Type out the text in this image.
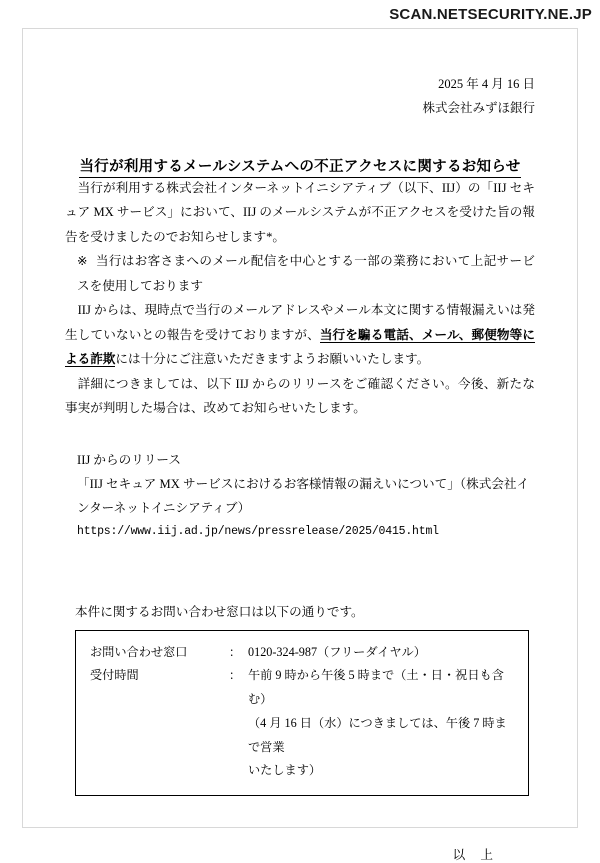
SCAN.NETSECURITY.NE.JP
2025 年 4 月 16 日
株式会社みずほ銀行
当行が利用するメールシステムへの不正アクセスに関するお知らせ

当行が利用する株式会社インターネットイニシアティブ（以下、IIJ）の「IIJ セキュア MX サービス」において、IIJ のメールシステムが不正アクセスを受けた旨の報告を受けましたのでお知らせします*。

※ 当行はお客さまへのメール配信を中心とする一部の業務において上記サービスを使用しております

IIJ からは、現時点で当行のメールアドレスやメール本文に関する情報漏えいは発生していないとの報告を受けておりますが、当行を騙る電話、メール、郵便物等による詐欺には十分にご注意いただきますようお願いいたします。

詳細につきましては、以下 IIJ からのリリースをご確認ください。今後、新たな事実が判明した場合は、改めてお知らせいたします。

IIJ からのリリース
「IIJ セキュア MX サービスにおけるお客様情報の漏えいについて」（株式会社インターネットイニシアティブ）
https://www.iij.ad.jp/news/pressrelease/2025/0415.html
本件に関するお問い合わせ窓口は以下の通りです。
お問い合わせ窓口	： 0120-324-987（フリーダイヤル）
受付時間	： 午前 9 時から午後 5 時まで（土・日・祝日も含む）
（4 月 16 日（水）につきましては、午後 7 時まで営業
いたします）
以 上
